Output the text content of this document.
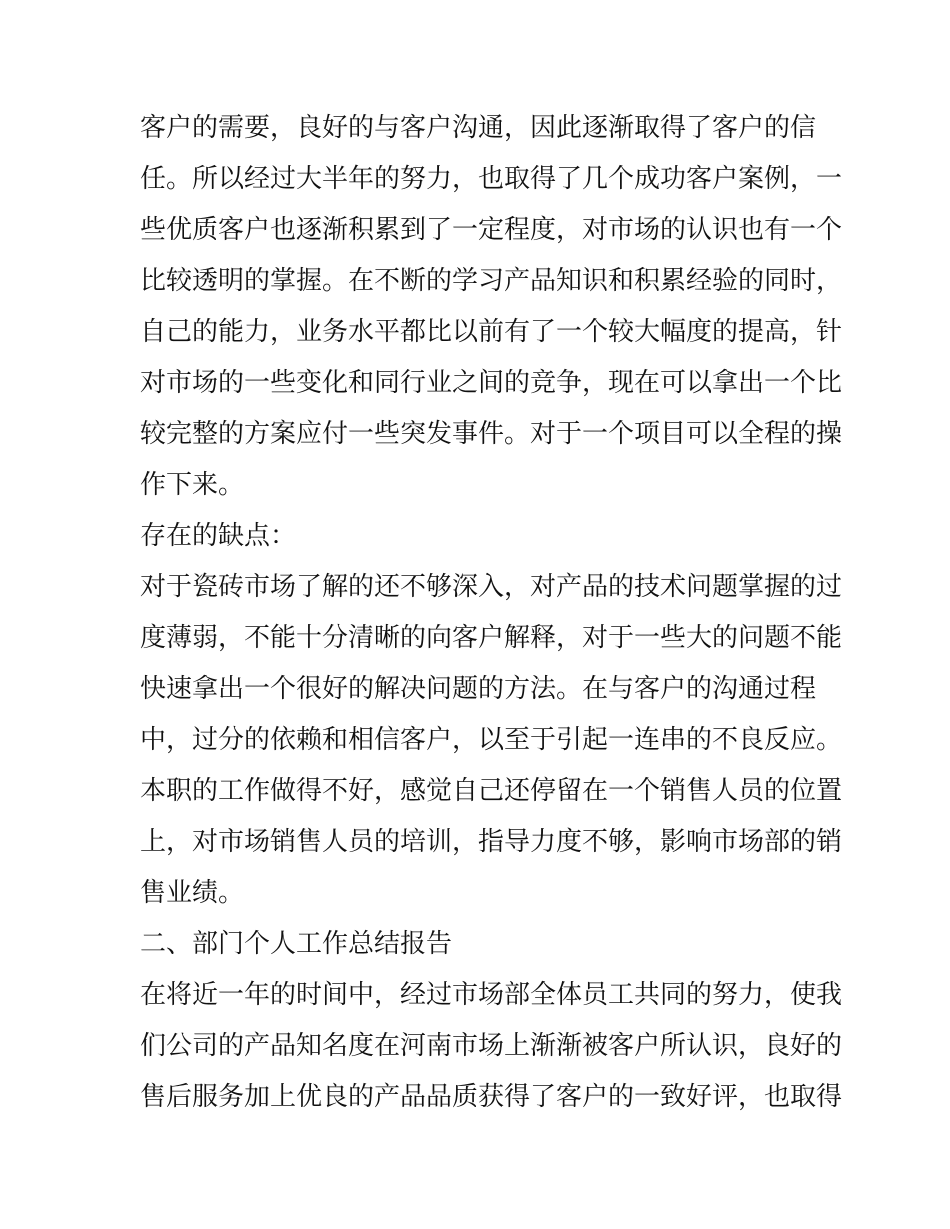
客户的需要，良好的与客户沟通，因此逐渐取得了客户的信
任。所以经过大半年的努力，也取得了几个成功客户案例，一
些优质客户也逐渐积累到了一定程度，对市场的认识也有一个
比较透明的掌握。在不断的学习产品知识和积累经验的同时，
自己的能力，业务水平都比以前有了一个较大幅度的提高，针
对市场的一些变化和同行业之间的竞争，现在可以拿出一个比
较完整的方案应付一些突发事件。对于一个项目可以全程的操
作下来。
存在的缺点：
对于瓷砖市场了解的还不够深入，对产品的技术问题掌握的过
度薄弱，不能十分清晰的向客户解释，对于一些大的问题不能
快速拿出一个很好的解决问题的方法。在与客户的沟通过程
中，过分的依赖和相信客户，以至于引起一连串的不良反应。
本职的工作做得不好，感觉自己还停留在一个销售人员的位置
上，对市场销售人员的培训，指导力度不够，影响市场部的销
售业绩。
二、部门个人工作总结报告
在将近一年的时间中，经过市场部全体员工共同的努力，使我
们公司的产品知名度在河南市场上渐渐被客户所认识，良好的
售后服务加上优良的产品品质获得了客户的一致好评，也取得
